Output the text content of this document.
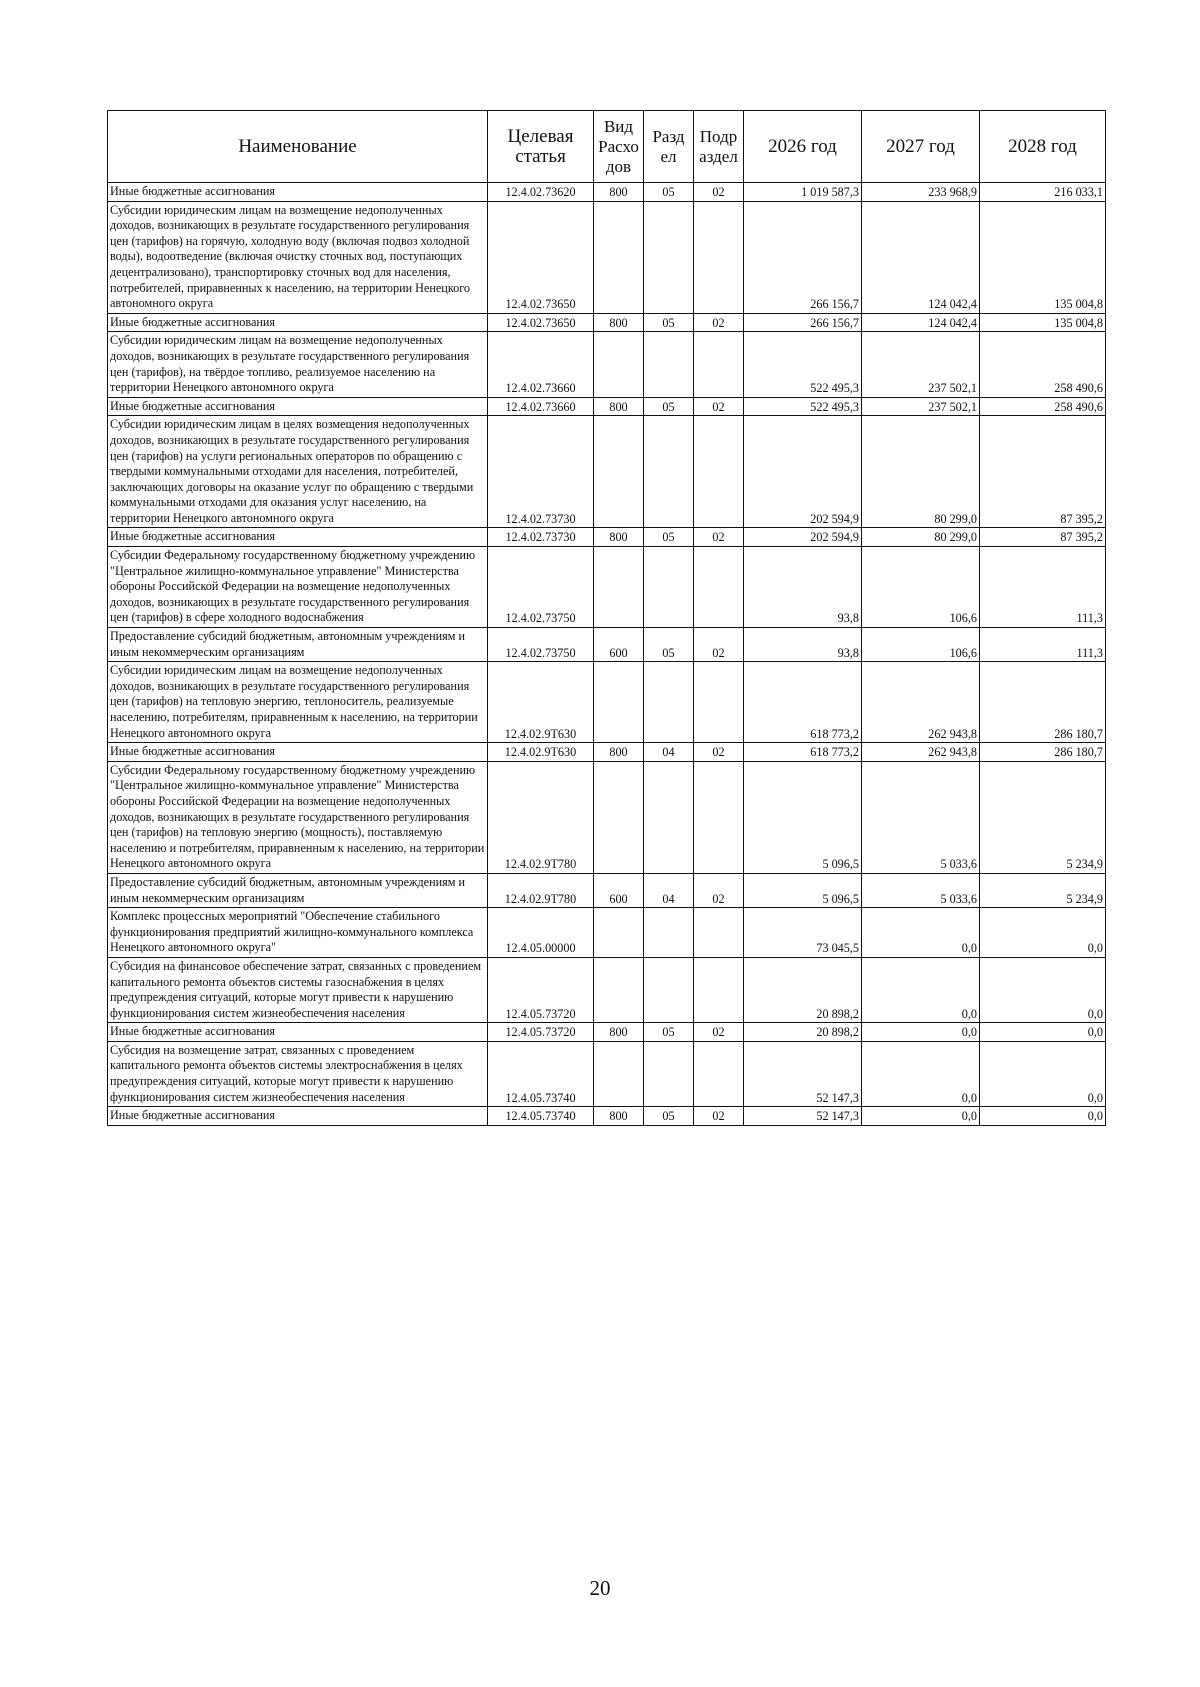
Наименование	Целевая статья	Вид Расхо дов	Разд ел	Подр аздел	2026 год	2027 год	2028 год
Иные бюджетные ассигнования	12.4.02.73620	800	05	02	1 019 587,3	233 968,9	216 033,1
Субсидии юридическим лицам на возмещение недополученных доходов, возникающих в результате государственного регулирования цен (тарифов) на горячую, холодную воду (включая подвоз холодной воды), водоотведение (включая очистку сточных вод, поступающих децентрализовано), транспортировку сточных вод для населения, потребителей, приравненных к населению, на территории Ненецкого автономного округа	12.4.02.73650				266 156,7	124 042,4	135 004,8
Иные бюджетные ассигнования	12.4.02.73650	800	05	02	266 156,7	124 042,4	135 004,8
Субсидии юридическим лицам на возмещение недополученных доходов, возникающих в результате государственного регулирования цен (тарифов), на твёрдое топливо, реализуемое населению на территории Ненецкого автономного округа	12.4.02.73660				522 495,3	237 502,1	258 490,6
Иные бюджетные ассигнования	12.4.02.73660	800	05	02	522 495,3	237 502,1	258 490,6
Субсидии юридическим лицам в целях возмещения недополученных доходов, возникающих в результате государственного регулирования цен (тарифов) на услуги региональных операторов по обращению с твердыми коммунальными отходами для населения, потребителей, заключающих договоры на оказание услуг по обращению с твердыми коммунальными отходами для оказания услуг населению, на территории Ненецкого автономного округа	12.4.02.73730				202 594,9	80 299,0	87 395,2
Иные бюджетные ассигнования	12.4.02.73730	800	05	02	202 594,9	80 299,0	87 395,2
Субсидии Федеральному государственному бюджетному учреждению "Центральное жилищно-коммунальное управление" Министерства обороны Российской Федерации на возмещение недополученных доходов, возникающих в результате государственного регулирования цен (тарифов) в сфере холодного водоснабжения	12.4.02.73750				93,8	106,6	111,3
Предоставление субсидий бюджетным, автономным учреждениям и иным некоммерческим организациям	12.4.02.73750	600	05	02	93,8	106,6	111,3
Субсидии юридическим лицам на возмещение недополученных доходов, возникающих в результате государственного регулирования цен (тарифов) на тепловую энергию, теплоноситель, реализуемые населению, потребителям, приравненным к населению, на территории Ненецкого автономного округа	12.4.02.9Т630				618 773,2	262 943,8	286 180,7
Иные бюджетные ассигнования	12.4.02.9Т630	800	04	02	618 773,2	262 943,8	286 180,7
Субсидии Федеральному государственному бюджетному учреждению "Центральное жилищно-коммунальное управление" Министерства обороны Российской Федерации на возмещение недополученных доходов, возникающих в результате государственного регулирования цен (тарифов) на тепловую энергию (мощность), поставляемую населению и потребителям, приравненным к населению, на территории Ненецкого автономного округа	12.4.02.9Т780				5 096,5	5 033,6	5 234,9
Предоставление субсидий бюджетным, автономным учреждениям и иным некоммерческим организациям	12.4.02.9Т780	600	04	02	5 096,5	5 033,6	5 234,9
Комплекс процессных мероприятий "Обеспечение стабильного функционирования предприятий жилищно-коммунального комплекса Ненецкого автономного округа"	12.4.05.00000				73 045,5	0,0	0,0
Субсидия на финансовое обеспечение затрат, связанных с проведением капитального ремонта объектов системы газоснабжения в целях предупреждения ситуаций, которые могут привести к нарушению функционирования систем жизнеобеспечения населения	12.4.05.73720				20 898,2	0,0	0,0
Иные бюджетные ассигнования	12.4.05.73720	800	05	02	20 898,2	0,0	0,0
Субсидия на возмещение затрат, связанных с проведением капитального ремонта объектов системы электроснабжения в целях предупреждения ситуаций, которые могут привести к нарушению функционирования систем жизнеобеспечения населения	12.4.05.73740				52 147,3	0,0	0,0
Иные бюджетные ассигнования	12.4.05.73740	800	05	02	52 147,3	0,0	0,0
20
